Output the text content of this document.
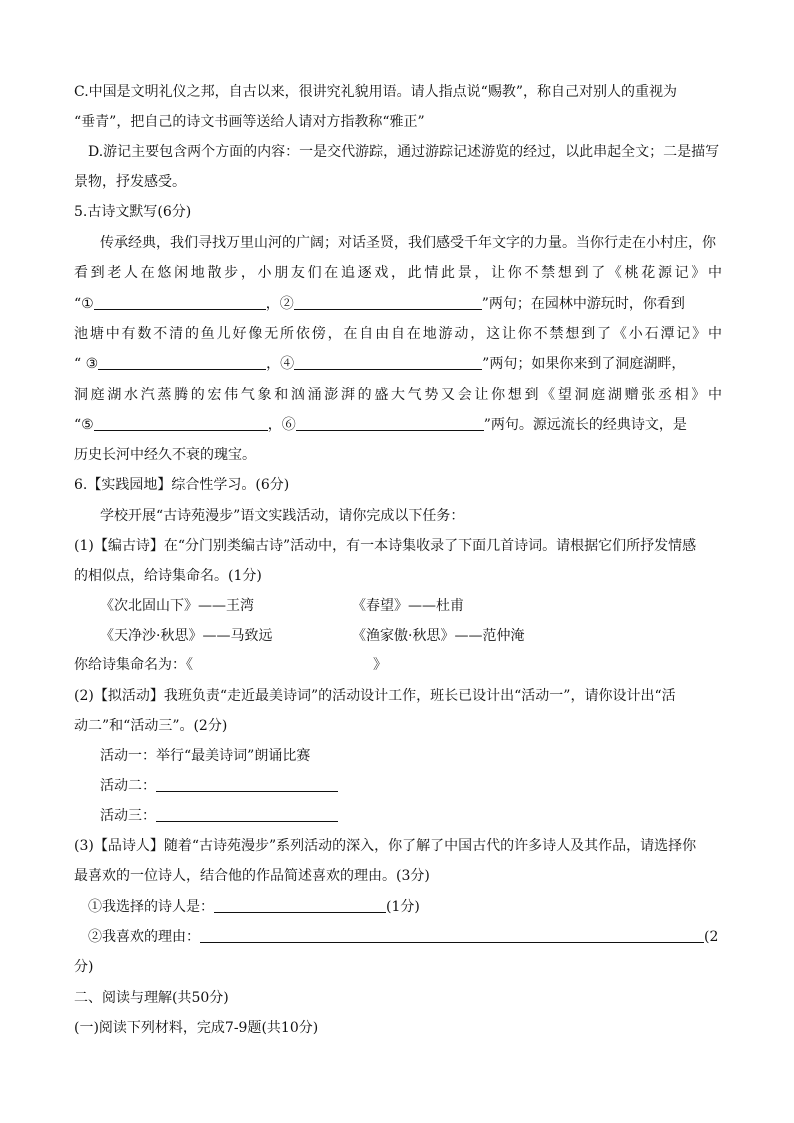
C.中国是文明礼仪之邦，自古以来，很讲究礼貌用语。请人指点说“赐教”，称自己对别人的重视为
“垂青”，把自己的诗文书画等送给人请对方指教称“雅正”
D.游记主要包含两个方面的内容：一是交代游踪，通过游踪记述游览的经过，以此串起全文；二是描写
景物，抒发感受。
5.古诗文默写(6分)
传承经典，我们寻找万里山河的广阔；对话圣贤，我们感受千年文字的力量。当你行走在小村庄，你
看到老人在悠闲地散步，小朋友们在追逐戏，此情此景，让你不禁想到了《桃花源记》中
“①	，②	”两句；在园林中游玩时，你看到
池塘中有数不清的鱼儿好像无所依傍，在自由自在地游动，这让你不禁想到了《小石潭记》中
“ ③	，④	”两句；如果你来到了洞庭湖畔，
洞庭湖水汽蒸腾的宏伟气象和汹涌澎湃的盛大气势又会让你想到《望洞庭湖赠张丞相》中
“⑤	，⑥	”两句。源远流长的经典诗文，是
历史长河中经久不衰的瑰宝。
6.【实践园地】综合性学习。(6分)
学校开展“古诗苑漫步”语文实践活动，请你完成以下任务：
(1)【编古诗】在“分门别类编古诗”活动中，有一本诗集收录了下面几首诗词。请根据它们所抒发情感
的相似点，给诗集命名。(1分)
《次北固山下》——王湾	《春望》——杜甫
《天净沙·秋思》——马致远	《渔家傲·秋思》——范仲淹
你给诗集命名为：《	》
(2)【拟活动】我班负责“走近最美诗词”的活动设计工作，班长已设计出“活动一”，请你设计出“活
动二”和“活动三”。(2分)
活动一：举行“最美诗词”朗诵比赛
活动二：
活动三：
(3)【品诗人】随着“古诗苑漫步”系列活动的深入，你了解了中国古代的许多诗人及其作品，请选择你
最喜欢的一位诗人，结合他的作品简述喜欢的理由。(3分)
①我选择的诗人是：	(1分)
②我喜欢的理由：	(2
分)
二、阅读与理解(共50分)
(一)阅读下列材料，完成7-9题(共10分)
